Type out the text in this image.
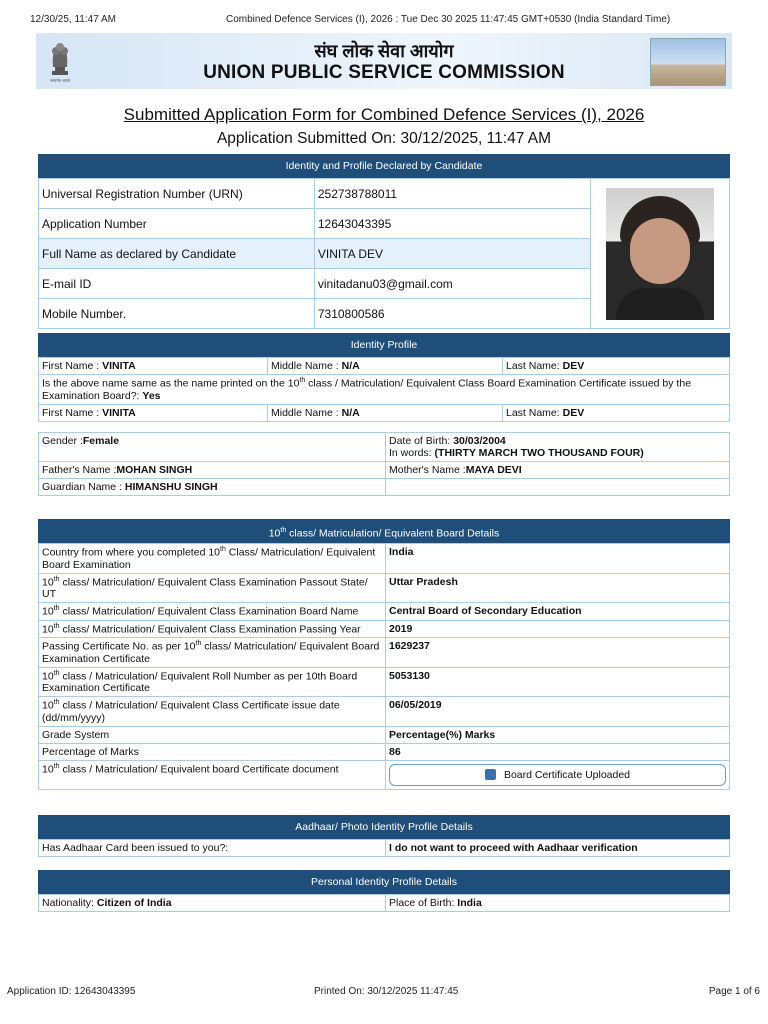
12/30/25, 11:47 AM	Combined Defence Services (I), 2026 : Tue Dec 30 2025 11:47:45 GMT+0530 (India Standard Time)
सत्यमेव जयते
संघ लोक सेवा आयोग
UNION PUBLIC SERVICE COMMISSION
Submitted Application Form for Combined Defence Services (I), 2026
Application Submitted On: 30/12/2025, 11:47 AM
Identity and Profile Declared by Candidate
Universal Registration Number (URN)	252738788011	

Application Number	12643043395	
Full Name as declared by Candidate	VINITA DEV	
E-mail ID	vinitadanu03@gmail.com	
Mobile Number.	7310800586	
Identity Profile
First Name : VINITA	Middle Name : N/A	Last Name: DEV
Is the above name same as the name printed on the 10th class / Matriculation/ Equivalent Class Board Examination Certificate issued by the Examination Board?: Yes		
First Name : VINITA	Middle Name : N/A	Last Name: DEV
Gender :Female	Date of Birth: 30/03/2004
In words: (THIRTY MARCH TWO THOUSAND FOUR)
Father's Name :MOHAN SINGH	Mother's Name :MAYA DEVI
Guardian Name : HIMANSHU SINGH	
10th class/ Matriculation/ Equivalent Board Details
Country from where you completed 10th Class/ Matriculation/ Equivalent Board Examination	India
10th class/ Matriculation/ Equivalent Class Examination Passout State/ UT	Uttar Pradesh
10th class/ Matriculation/ Equivalent Class Examination Board Name	Central Board of Secondary Education
10th class/ Matriculation/ Equivalent Class Examination Passing Year	2019
Passing Certificate No. as per 10th class/ Matriculation/ Equivalent Board Examination Certificate	1629237
10th class / Matriculation/ Equivalent Roll Number as per 10th Board Examination Certificate	5053130
10th class / Matriculation/ Equivalent Class Certificate issue date (dd/mm/yyyy)	06/05/2019
Grade System	Percentage(%) Marks
Percentage of Marks	86
10th class / Matriculation/ Equivalent board Certificate document	Board Certificate Uploaded
Aadhaar/ Photo Identity Profile Details
Has Aadhaar Card been issued to you?:	I do not want to proceed with Aadhaar verification
Personal Identity Profile Details
Nationality: Citizen of India	Place of Birth: India
Application ID: 12643043395	Printed On: 30/12/2025 11:47:45	Page 1 of 6
